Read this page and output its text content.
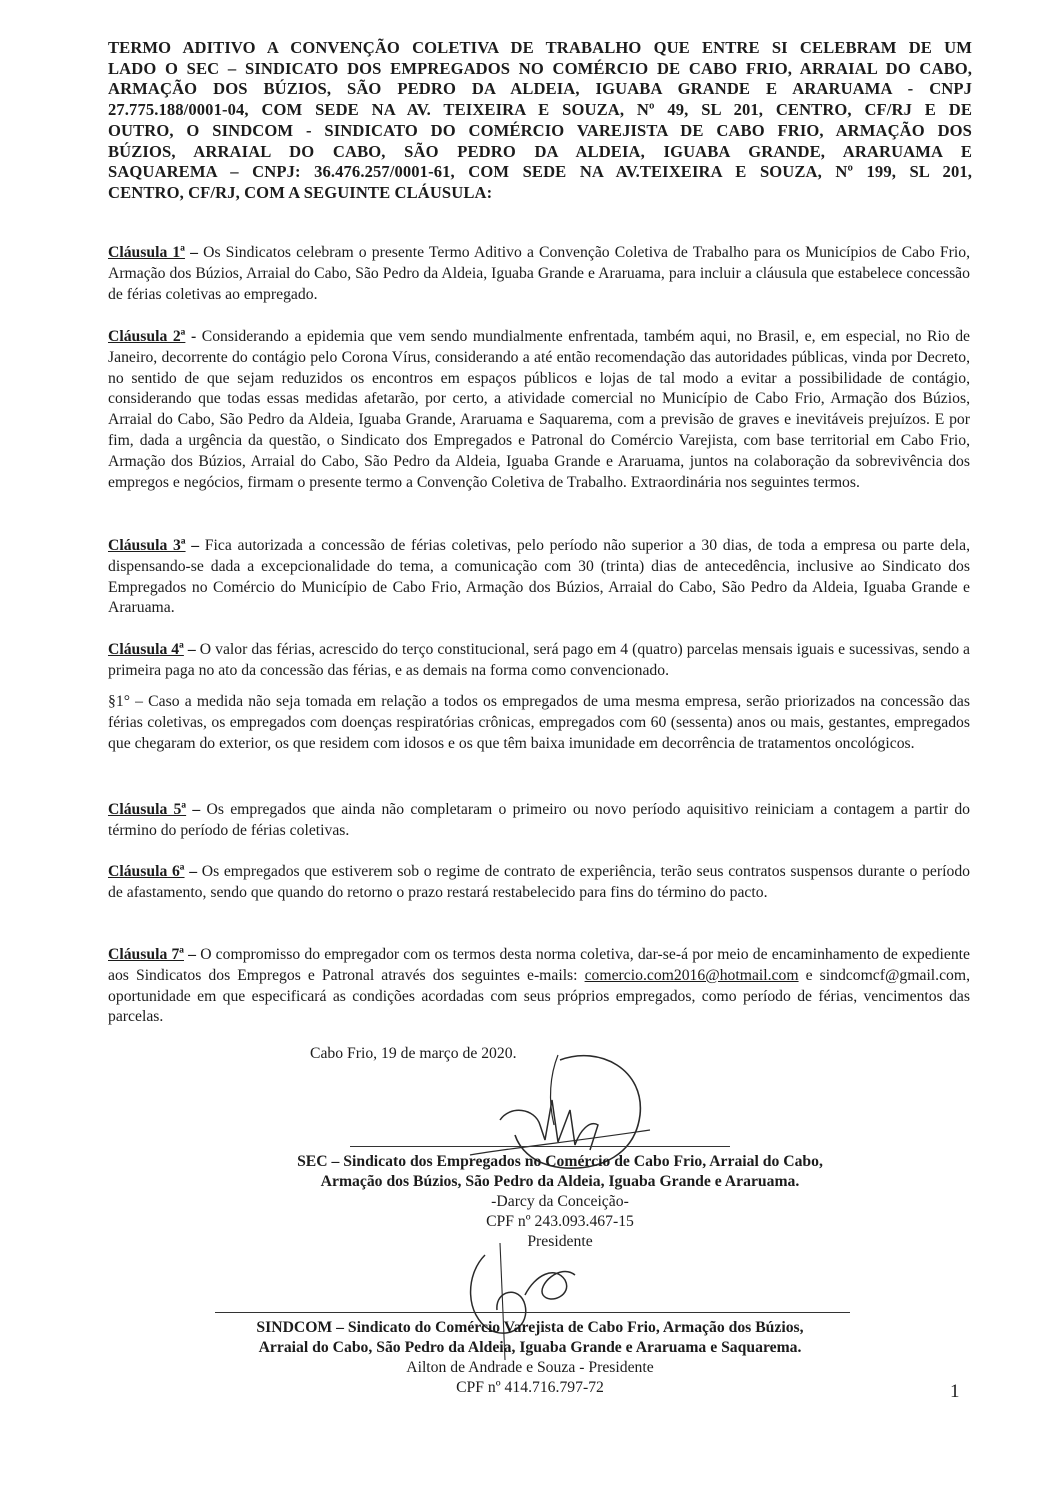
TERMO ADITIVO A CONVENÇÃO COLETIVA DE TRABALHO QUE ENTRE SI CELEBRAM DE UM
LADO O SEC – SINDICATO DOS EMPREGADOS NO COMÉRCIO DE CABO FRIO, ARRAIAL DO CABO,
ARMAÇÃO DOS BÚZIOS, SÃO PEDRO DA ALDEIA, IGUABA GRANDE E ARARUAMA - CNPJ
27.775.188/0001-04, COM SEDE NA AV. TEIXEIRA E SOUZA, Nº 49, SL 201, CENTRO, CF/RJ E DE
OUTRO, O SINDCOM - SINDICATO DO COMÉRCIO VAREJISTA DE CABO FRIO, ARMAÇÃO DOS
BÚZIOS, ARRAIAL DO CABO, SÃO PEDRO DA ALDEIA, IGUABA GRANDE, ARARUAMA E
SAQUAREMA – CNPJ: 36.476.257/0001-61, COM SEDE NA AV.TEIXEIRA E SOUZA, Nº 199, SL 201,
CENTRO, CF/RJ, COM A SEGUINTE CLÁUSULA:

Cláusula 1ª – Os Sindicatos celebram o presente Termo Aditivo a Convenção Coletiva de Trabalho para os Municípios de Cabo Frio, Armação dos Búzios, Arraial do Cabo, São Pedro da Aldeia, Iguaba Grande e Araruama, para incluir a cláusula que estabelece concessão de férias coletivas ao empregado.

Cláusula 2ª - Considerando a epidemia que vem sendo mundialmente enfrentada, também aqui, no Brasil, e, em especial, no Rio de Janeiro, decorrente do contágio pelo Corona Vírus, considerando a até então recomendação das autoridades públicas, vinda por Decreto, no sentido de que sejam reduzidos os encontros em espaços públicos e lojas de tal modo a evitar a possibilidade de contágio, considerando que todas essas medidas afetarão, por certo, a atividade comercial no Município de Cabo Frio, Armação dos Búzios, Arraial do Cabo, São Pedro da Aldeia, Iguaba Grande, Araruama e Saquarema, com a previsão de graves e inevitáveis prejuízos. E por fim, dada a urgência da questão, o Sindicato dos Empregados e Patronal do Comércio Varejista, com base territorial em Cabo Frio, Armação dos Búzios, Arraial do Cabo, São Pedro da Aldeia, Iguaba Grande e Araruama, juntos na colaboração da sobrevivência dos empregos e negócios, firmam o presente termo a Convenção Coletiva de Trabalho. Extraordinária nos seguintes termos.

Cláusula 3ª – Fica autorizada a concessão de férias coletivas, pelo período não superior a 30 dias, de toda a empresa ou parte dela, dispensando-se dada a excepcionalidade do tema, a comunicação com 30 (trinta) dias de antecedência, inclusive ao Sindicato dos Empregados no Comércio do Município de Cabo Frio, Armação dos Búzios, Arraial do Cabo, São Pedro da Aldeia, Iguaba Grande e Araruama.

Cláusula 4ª – O valor das férias, acrescido do terço constitucional, será pago em 4 (quatro) parcelas mensais iguais e sucessivas, sendo a primeira paga no ato da concessão das férias, e as demais na forma como convencionado.

§1° – Caso a medida não seja tomada em relação a todos os empregados de uma mesma empresa, serão priorizados na concessão das férias coletivas, os empregados com doenças respiratórias crônicas, empregados com 60 (sessenta) anos ou mais, gestantes, empregados que chegaram do exterior, os que residem com idosos e os que têm baixa imunidade em decorrência de tratamentos oncológicos.

Cláusula 5ª – Os empregados que ainda não completaram o primeiro ou novo período aquisitivo reiniciam a contagem a partir do término do período de férias coletivas.

Cláusula 6ª – Os empregados que estiverem sob o regime de contrato de experiência, terão seus contratos suspensos durante o período de afastamento, sendo que quando do retorno o prazo restará restabelecido para fins do término do pacto.

Cláusula 7ª – O compromisso do empregador com os termos desta norma coletiva, dar-se-á por meio de encaminhamento de expediente aos Sindicatos dos Empregos e Patronal através dos seguintes e-mails: comercio.com2016@hotmail.com e sindcomcf@gmail.com, oportunidade em que especificará as condições acordadas com seus próprios empregados, como período de férias, vencimentos das parcelas.

Cabo Frio, 19 de março de 2020.
SEC – Sindicato dos Empregados no Comércio de Cabo Frio, Arraial do Cabo,
Armação dos Búzios, São Pedro da Aldeia, Iguaba Grande e Araruama.
-Darcy da Conceição-
CPF nº 243.093.467-15
Presidente
SINDCOM – Sindicato do Comércio Varejista de Cabo Frio, Armação dos Búzios,
Arraial do Cabo, São Pedro da Aldeia, Iguaba Grande e Araruama e Saquarema.
Ailton de Andrade e Souza - Presidente
CPF nº 414.716.797-72	1
